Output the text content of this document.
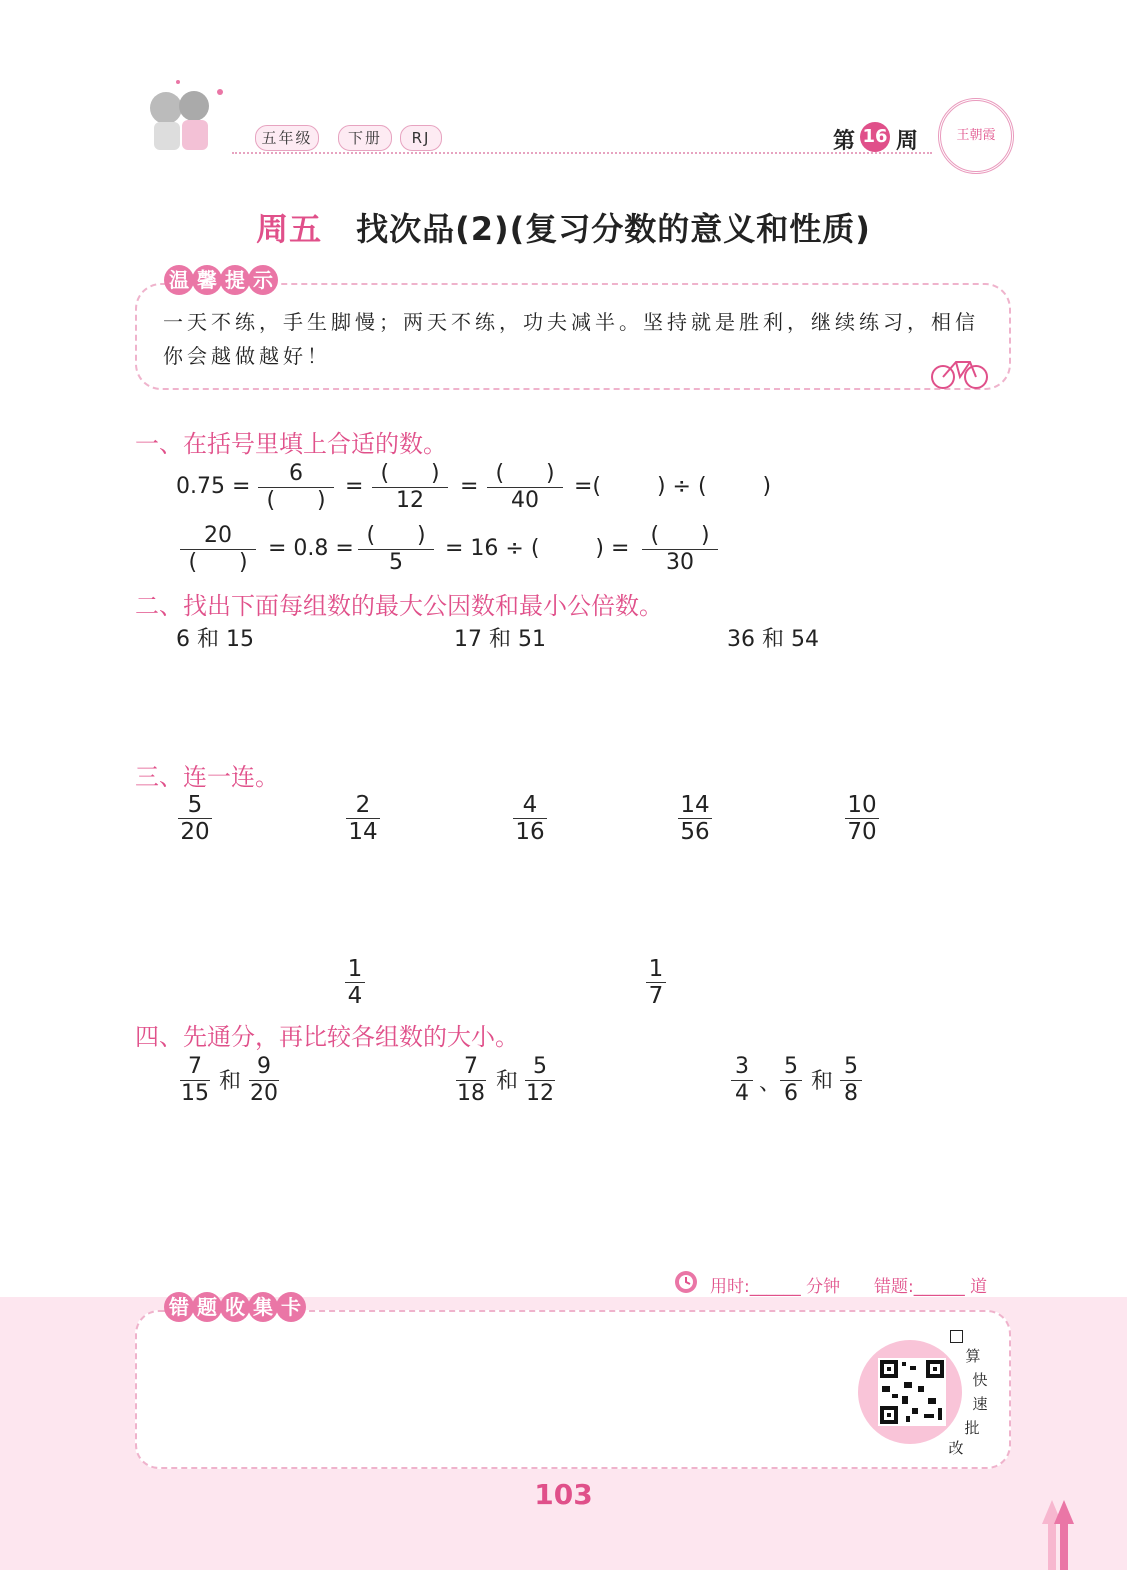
五年级	下册	RJ	第 16 周	王朝霞
周五 找次品(2)(复习分数的意义和性质)
温 馨 提 示
一天不练，手生脚慢；两天不练，功夫减半。坚持就是胜利，继续练习，相信你会越做越好！
一、在括号里填上合适的数。
0.75 =
6
(      )
=
(      )
12
=
(      )
40
=(        ) ÷ (        )
20
(      )
= 0.8 =
(      )
5
= 16 ÷ (        ) =
(      )
30
二、找出下面每组数的最大公因数和最小公倍数。
6 和 15	17 和 51	36 和 54
三、连一连。
5
20
2
14
4
16
14
56
10
70
1
4
1
7
四、先通分，再比较各组数的大小。
7
15 和
9
20
7
18 和
5
12
3
4 、
5
6 和
5
8
用时:______ 分钟 错题:______ 道
错 题 收 集 卡
算
快
速
批
改
103
